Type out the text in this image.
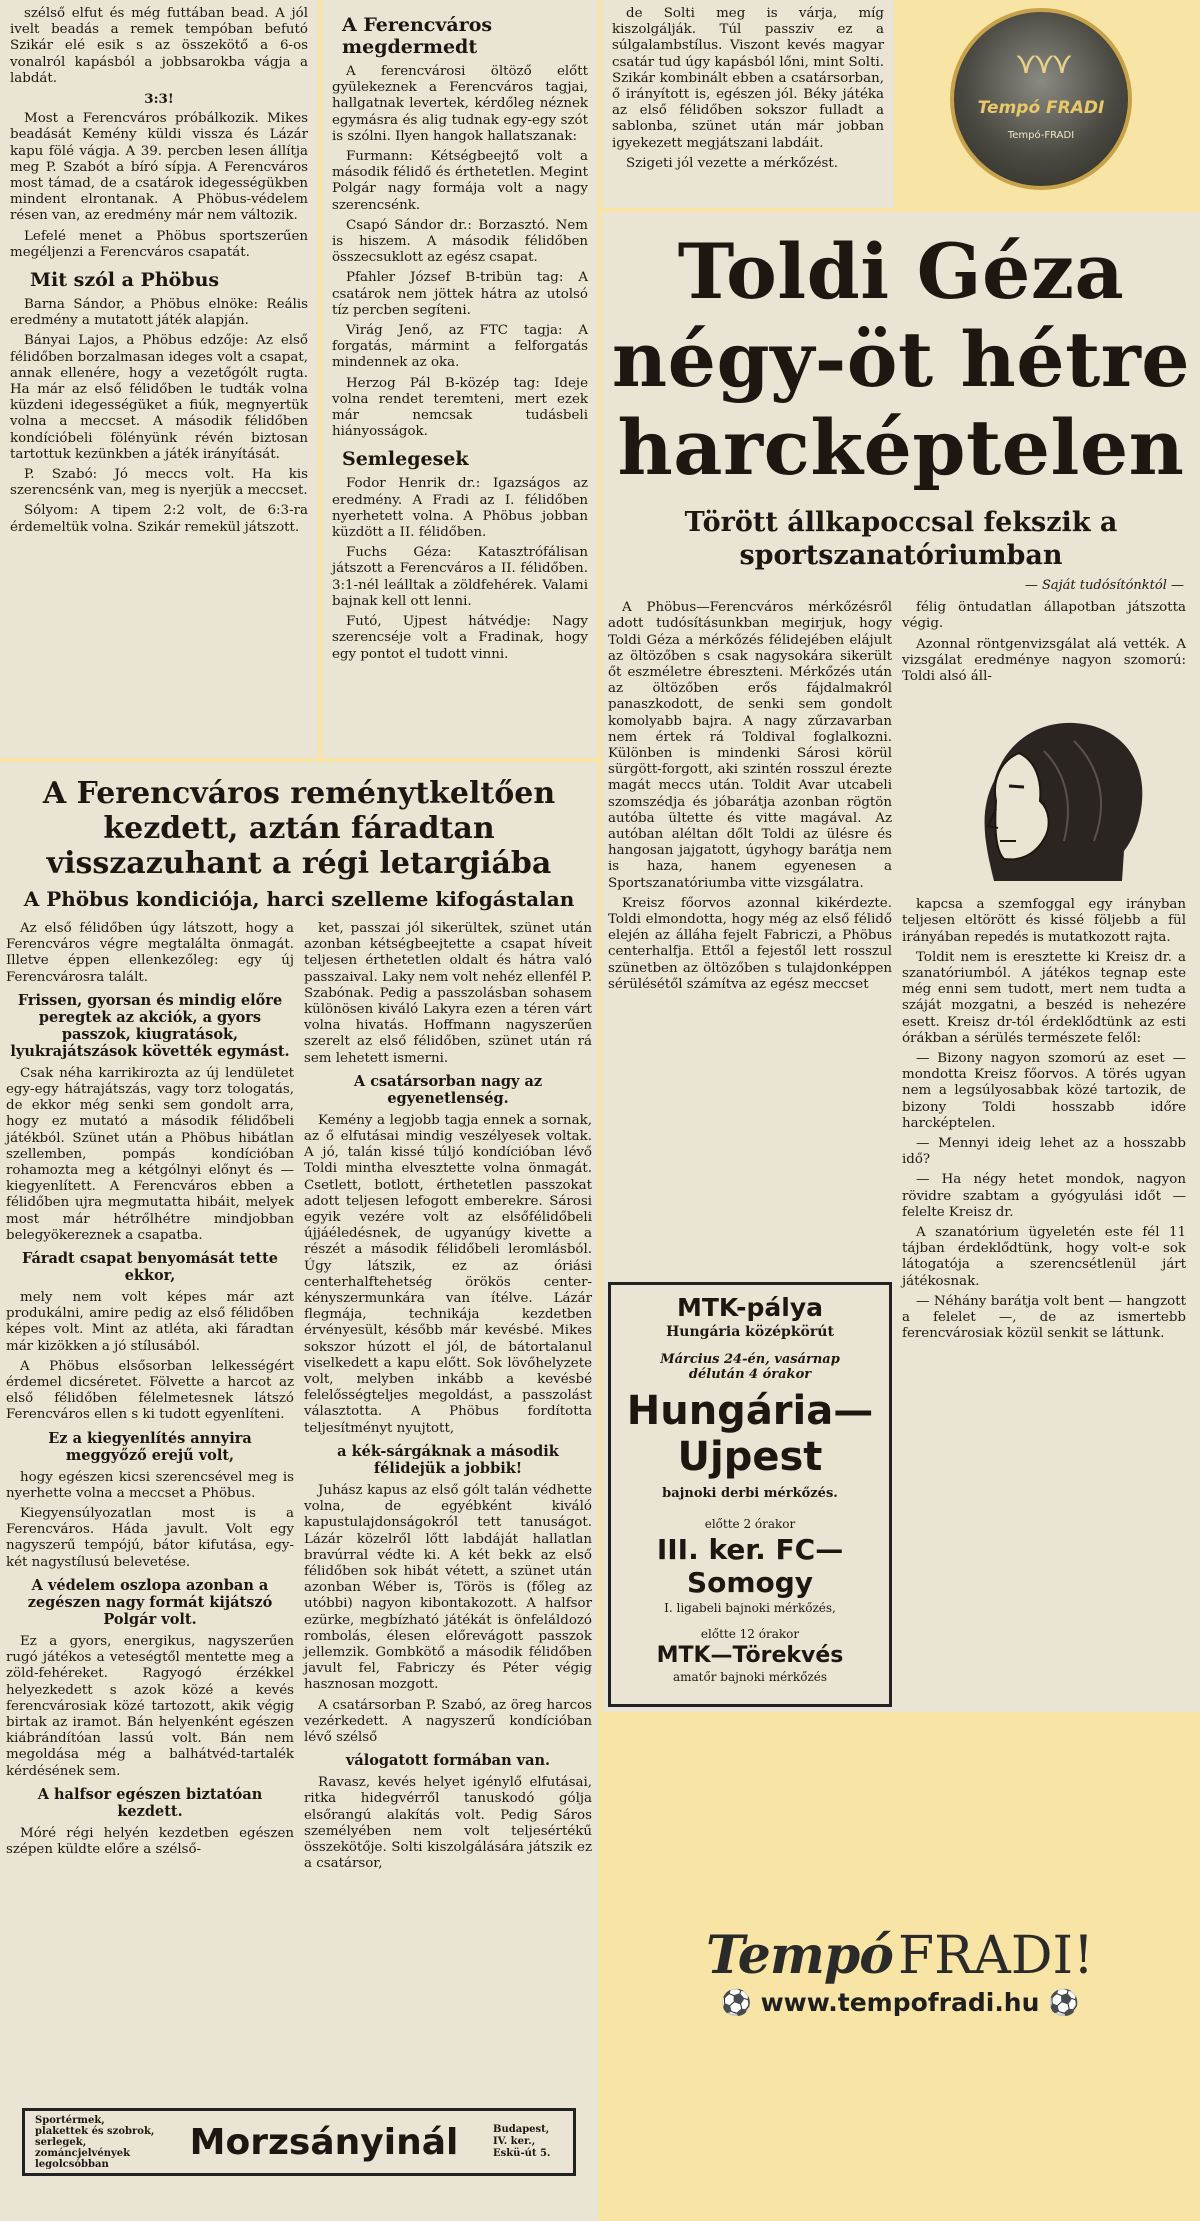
szélső elfut és még futtában bead. A jól ivelt beadás a remek tempóban befutó Szikár elé esik s az összekötő a 6-os vonalról kapásból a jobbsarokba vágja a labdát.

3:3!

Most a Ferencváros próbálkozik. Mikes beadását Kemény küldi vissza és Lázár kapu fölé vágja. A 39. percben lesen állítja meg P. Szabót a bíró sípja. A Ferencváros most támad, de a csatárok idegességükben mindent elrontanak. A Phöbus-védelem résen van, az eredmény már nem változik.

Lefelé menet a Phöbus sportszerűen megéljenzi a Ferencváros csapatát.

Mit szól a Phöbus

Barna Sándor, a Phöbus elnöke: Reális eredmény a mutatott játék alapján.

Bányai Lajos, a Phöbus edzője: Az első félidőben borzalmasan ideges volt a csapat, annak ellenére, hogy a vezetőgólt rugta. Ha már az első félidőben le tudták volna küzdeni idegességüket a fiúk, megnyertük volna a meccset. A második félidőben kondícióbeli fölényünk révén biztosan tartottuk kezünkben a játék irányítását.

P. Szabó: Jó meccs volt. Ha kis szerencsénk van, meg is nyerjük a meccset.

Sólyom: A tipem 2:2 volt, de 6:3-ra érdemeltük volna. Szikár remekül játszott.

A Ferencváros megdermedt

A ferencvárosi öltöző előtt gyülekeznek a Ferencváros tagjai, hallgatnak levertek, kérdőleg néznek egymásra és alig tudnak egy-egy szót is szólni. Ilyen hangok hallatszanak:

Furmann: Kétségbeejtő volt a második félidő és érthetetlen. Megint Polgár nagy formája volt a nagy szerencsénk.

Csapó Sándor dr.: Borzasztó. Nem is hiszem. A második félidőben összecsuklott az egész csapat.

Pfahler József B-tribün tag: A csatárok nem jöttek hátra az utolsó tíz percben segíteni.

Virág Jenő, az FTC tagja: A forgatás, mármint a felforgatás mindennek az oka.

Herzog Pál B-közép tag: Ideje volna rendet teremteni, mert ezek már nemcsak tudásbeli hiányosságok.

Semlegesek

Fodor Henrik dr.: Igazságos az eredmény. A Fradi az I. félidőben nyerhetett volna. A Phöbus jobban küzdött a II. félidőben.

Fuchs Géza: Katasztrófálisan játszott a Ferencváros a II. félidőben. 3:1-nél leálltak a zöldfehérek. Valami bajnak kell ott lenni.

Futó, Ujpest hátvédje: Nagy szerencséje volt a Fradinak, hogy egy pontot el tudott vinni.

de Solti meg is várja, míg kiszolgálják. Túl passziv ez a súlgalambstílus. Viszont kevés magyar csatár tud úgy kapásból lőni, mint Solti. Szikár kombinált ebben a csatársorban, ő irányított is, egészen jól. Béky játéka az első félidőben sokszor fulladt a sablonba, szünet után már jobban igyekezett megjátszani labdáit.

Szigeti jól vezette a mérkőzést.

A Ferencváros reménytkeltően kezdett, aztán fáradtan visszazuhant a régi letargiába
A Phöbus kondiciója, harci szelleme kifogástalan

Az első félidőben úgy látszott, hogy a Ferencváros végre megtalálta önmagát. Illetve éppen ellenkezőleg: egy új Ferencvárosra talált.

Frissen, gyorsan és mindig előre peregtek az akciók, a gyors passzok, kiugratások, lyukrajátszások követték egymást.

Csak néha karrikirozta az új lendületet egy-egy hátrajátszás, vagy torz tologatás, de ekkor még senki sem gondolt arra, hogy ez mutató a második félidőbeli játékból. Szünet után a Phöbus hibátlan szellemben, pompás kondícióban rohamozta meg a kétgólnyi előnyt és — kiegyenlített. A Ferencváros ebben a félidőben ujra megmutatta hibáit, melyek most már hétrőlhétre mindjobban belegyökereznek a csapatba.

Fáradt csapat benyomását tette ekkor,

mely nem volt képes már azt produkálni, amire pedig az első félidőben képes volt. Mint az atléta, aki fáradtan már kizökken a jó stílusából.

A Phöbus elsősorban lelkességért érdemel dicséretet. Fölvette a harcot az első félidőben félelmetesnek látszó Ferencváros ellen s ki tudott egyenlíteni.

Ez a kiegyenlítés annyira meggyőző erejű volt,

hogy egészen kicsi szerencsével meg is nyerhette volna a meccset a Phöbus.

Kiegyensúlyozatlan most is a Ferencváros. Háda javult. Volt egy nagyszerű tempójú, bátor kifutása, egy-két nagystílusú belevetése.

A védelem oszlopa azonban a zegészen nagy formát kijátszó Polgár volt.

Ez a gyors, energikus, nagyszerűen rugó játékos a veteségtől mentette meg a zöld-fehéreket. Ragyogó érzékkel helyezkedett s azok közé a kevés ferencvárosiak közé tartozott, akik végig birtak az iramot. Bán helyenként egészen kiábrándítóan lassú volt. Bán nem megoldása még a balhátvéd-tartalék kérdésének sem.

A halfsor egészen biztatóan kezdett.

Móré régi helyén kezdetben egészen szépen küldte előre a szélső-

ket, passzai jól sikerültek, szünet után azonban kétségbeejtette a csapat híveit teljesen érthetetlen oldalt és hátra való passzaival. Laky nem volt nehéz ellenfél P. Szabónak. Pedig a passzolásban sohasem különösen kiváló Lakyra ezen a téren várt volna hivatás. Hoffmann nagyszerűen szerelt az első félidőben, szünet után rá sem lehetett ismerni.

A csatársorban nagy az egyenetlenség.

Kemény a legjobb tagja ennek a sornak, az ő elfutásai mindig veszélyesek voltak. A jó, talán kissé túljó kondícióban lévő Toldi mintha elvesztette volna önmagát. Csetlett, botlott, érthetetlen passzokat adott teljesen lefogott emberekre. Sárosi egyik vezére volt az elsőfélidőbeli újjáéledésnek, de ugyanúgy kivette a részét a második félidőbeli leromlásból. Úgy látszik, ez az óriási centerhalftehetség örökös center-kényszermunkára van ítélve. Lázár flegmája, technikája kezdetben érvényesült, később már kevésbé. Mikes sokszor húzott el jól, de bátortalanul viselkedett a kapu előtt. Sok lövőhelyzete volt, melyben inkább a kevésbé felelősségteljes megoldást, a passzolást választotta. A Phöbus fordította teljesítményt nyujtott,

a kék-sárgáknak a második félidejük a jobbik!

Juhász kapus az első gólt talán védhette volna, de egyébként kiváló kapustulajdonságokról tett tanuságot. Lázár közelről lőtt labdáját hallatlan bravúrral védte ki. A két bekk az első félidőben sok hibát vétett, a szünet után azonban Wéber is, Törös is (főleg az utóbbi) nagyon kibontakozott. A halfsor ezürke, megbízható játékát is önfeláldozó rombolás, élesen előrevágott passzok jellemzik. Gombkötő a második félidőben javult fel, Fabriczy és Péter végig hasznosan mozgott.

A csatársorban P. Szabó, az öreg harcos vezérkedett. A nagyszerű kondícióban lévő szélső

válogatott formában van.

Ravasz, kevés helyet igénylő elfutásai, ritka hidegvérről tanuskodó gólja elsőrangú alakítás volt. Pedig Sáros személyében nem volt teljesértékű összekötője. Solti kiszolgálására játszik ez a csatársor,

Sportérmek, plakettek és szobrok, serlegek, zománcjelvények legolcsóbban
Morzsányinál	Budapest, IV. ker., Eskü-út 5.
Toldi Géza négy-öt hétre harcképtelen
Törött állkapoccsal fekszik a sportszanatóriumban
— Saját tudósítónktól —

A Phöbus—Ferencváros mérkőzésről adott tudósításunkban megirjuk, hogy Toldi Géza a mérkőzés félidejében elájult az öltözőben s csak nagysokára sikerült őt eszméletre ébreszteni. Mérkőzés után az öltözőben erős fájdalmakról panaszkodott, de senki sem gondolt komolyabb bajra. A nagy zűrzavarban nem értek rá Toldival foglalkozni. Különben is mindenki Sárosi körül sürgött-forgott, aki szintén rosszul érezte magát meccs után. Toldit Avar utcabeli szomszédja és jóbarátja azonban rögtön autóba ültette és vitte magával. Az autóban aléltan dőlt Toldi az ülésre és hangosan jajgatott, úgyhogy barátja nem is haza, hanem egyenesen a Sportszanatóriumba vitte vizsgálatra.

Kreisz főorvos azonnal kikérdezte. Toldi elmondotta, hogy még az első félidő elején az álláha fejelt Fabriczi, a Phöbus centerhalfja. Ettől a fejestől lett rosszul szünetben az öltözőben s tulajdonképpen sérülésétől számítva az egész meccset

félig öntudatlan állapotban játszotta végig.

Azonnal röntgenvizsgálat alá vették. A vizsgálat eredménye nagyon szomorú: Toldi alsó áll-

kapcsa a szemfoggal egy irányban teljesen eltörött és kissé följebb a fül irányában repedés is mutatkozott rajta.

Toldit nem is eresztette ki Kreisz dr. a szanatóriumból. A játékos tegnap este még enni sem tudott, mert nem tudta a száját mozgatni, a beszéd is nehezére esett. Kreisz dr-tól érdeklődtünk az esti órákban a sérülés természete felől:

— Bizony nagyon szomorú az eset — mondotta Kreisz főorvos. A törés ugyan nem a legsúlyosabbak közé tartozik, de bizony Toldi hosszabb időre harcképtelen.

— Mennyi ideig lehet az a hosszabb idő?

— Ha négy hetet mondok, nagyon rövidre szabtam a gyógyulási időt — felelte Kreisz dr.

A szanatórium ügyeletén este fél 11 tájban érdeklődtünk, hogy volt-e sok látogatója a szerencsétlenül járt játékosnak.

— Néhány barátja volt bent — hangzott a felelet —, de az ismertebb ferencvárosiak közül senkit se láttunk.

MTK-pálya
Hungária középkörút
Március 24-én, vasárnap délután 4 órakor
Hungária—Ujpest
bajnoki derbi mérkőzés.
előtte 2 órakor
III. ker. FC—Somogy
I. ligabeli bajnoki mérkőzés,
előtte 12 órakor
MTK—Törekvés
amatőr bajnoki mérkőzés
⋎⋎⋎
Tempó FRADI
Tempó-FRADI
Tempó FRADI!
⚽ www.tempofradi.hu ⚽
